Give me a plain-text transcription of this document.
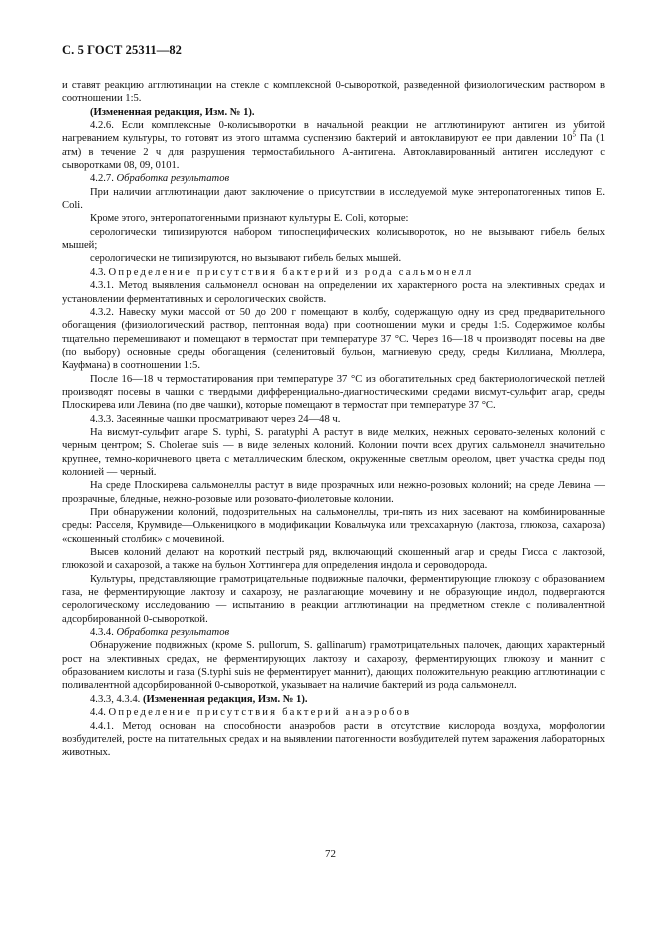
С. 5 ГОСТ 25311—82

и ставят реакцию агглютинации на стекле с комплексной 0-сывороткой, разведенной физиологическим раствором в соотношении 1:5.

(Измененная редакция, Изм. № 1).

4.2.6. Если комплексные 0-колисыворотки в начальной реакции не агглютинируют антиген из убитой нагреванием культуры, то готовят из этого штамма суспензию бактерий и автоклавируют ее при давлении $10^5$ Па (1 атм) в течение 2 ч для разрушения термостабильного А-антигена. Автоклавированный антиген исследуют с сыворотками 08, 09, 0101.

4.2.7. Обработка результатов

При наличии агглютинации дают заключение о присутствии в исследуемой муке энтеропатогенных типов E. Coli.

Кроме этого, энтеропатогенными признают культуры E. Coli, которые:

серологически типизируются набором типоспецифических колисывороток, но не вызывают гибель белых мышей;

серологически не типизируются, но вызывают гибель белых мышей.

4.3. Определение присутствия бактерий из рода сальмонелл

4.3.1. Метод выявления сальмонелл основан на определении их характерного роста на элективных средах и установлении ферментативных и серологических свойств.

4.3.2. Навеску муки массой от 50 до 200 г помещают в колбу, содержащую одну из сред предварительного обогащения (физиологический раствор, пептонная вода) при соотношении муки и среды 1:5. Содержимое колбы тщательно перемешивают и помещают в термостат при температуре 37 °С. Через 16—18 ч производят посевы на две (по выбору) основные среды обогащения (селенитовый бульон, магниевую среду, среды Киллиана, Мюллера, Кауфмана) в соотношении 1:5.

После 16—18 ч термостатирования при температуре 37 °С из обогатительных сред бактериологической петлей производят посевы в чашки с твердыми дифференциально-диагностическими средами висмут-сульфит агар, среды Плоскирева или Левина (по две чашки), которые помещают в термостат при температуре 37 °С.

4.3.3. Засеянные чашки просматривают через 24—48 ч.

На висмут-сульфит агаре S. typhi, S. paratyphi A растут в виде мелких, нежных серовато-зеленых колоний с черным центром; S. Cholerae suis — в виде зеленых колоний. Колонии почти всех других сальмонелл значительно крупнее, темно-коричневого цвета с металлическим блеском, окруженные светлым ореолом, цвет участка среды под колонией — черный.

На среде Плоскирева сальмонеллы растут в виде прозрачных или нежно-розовых колоний; на среде Левина — прозрачные, бледные, нежно-розовые или розовато-фиолетовые колонии.

При обнаружении колоний, подозрительных на сальмонеллы, три-пять из них засевают на комбинированные среды: Расселя, Крумвиде—Олькеницкого в модификации Ковальчука или трехсахарную (лактоза, глюкоза, сахароза) «скошенный столбик» с мочевиной.

Высев колоний делают на короткий пестрый ряд, включающий скошенный агар и среды Гисса с лактозой, глюкозой и сахарозой, а также на бульон Хоттингера для определения индола и сероводорода.

Культуры, представляющие грамотрицательные подвижные палочки, ферментирующие глюкозу с образованием газа, не ферментирующие лактозу и сахарозу, не разлагающие мочевину и не образующие индол, подвергаются серологическому исследованию — испытанию в реакции агглютинации на предметном стекле с поливалентной адсорбированной 0-сывороткой.

4.3.4. Обработка результатов

Обнаружение подвижных (кроме S. pullorum, S. gallinarum) грамотрицательных палочек, дающих характерный рост на элективных средах, не ферментирующих лактозу и сахарозу, ферментирующих глюкозу и маннит с образованием кислоты и газа (S.typhi suis не ферментирует маннит), дающих положительную реакцию агглютинации с поливалентной адсорбированной 0-сывороткой, указывает на наличие бактерий из рода сальмонелл.

4.3.3, 4.3.4. (Измененная редакция, Изм. № 1).

4.4. Определение присутствия бактерий анаэробов

4.4.1. Метод основан на способности анаэробов расти в отсутствие кислорода воздуха, морфологии возбудителей, росте на питательных средах и на выявлении патогенности возбудителей путем заражения лабораторных животных.

72
